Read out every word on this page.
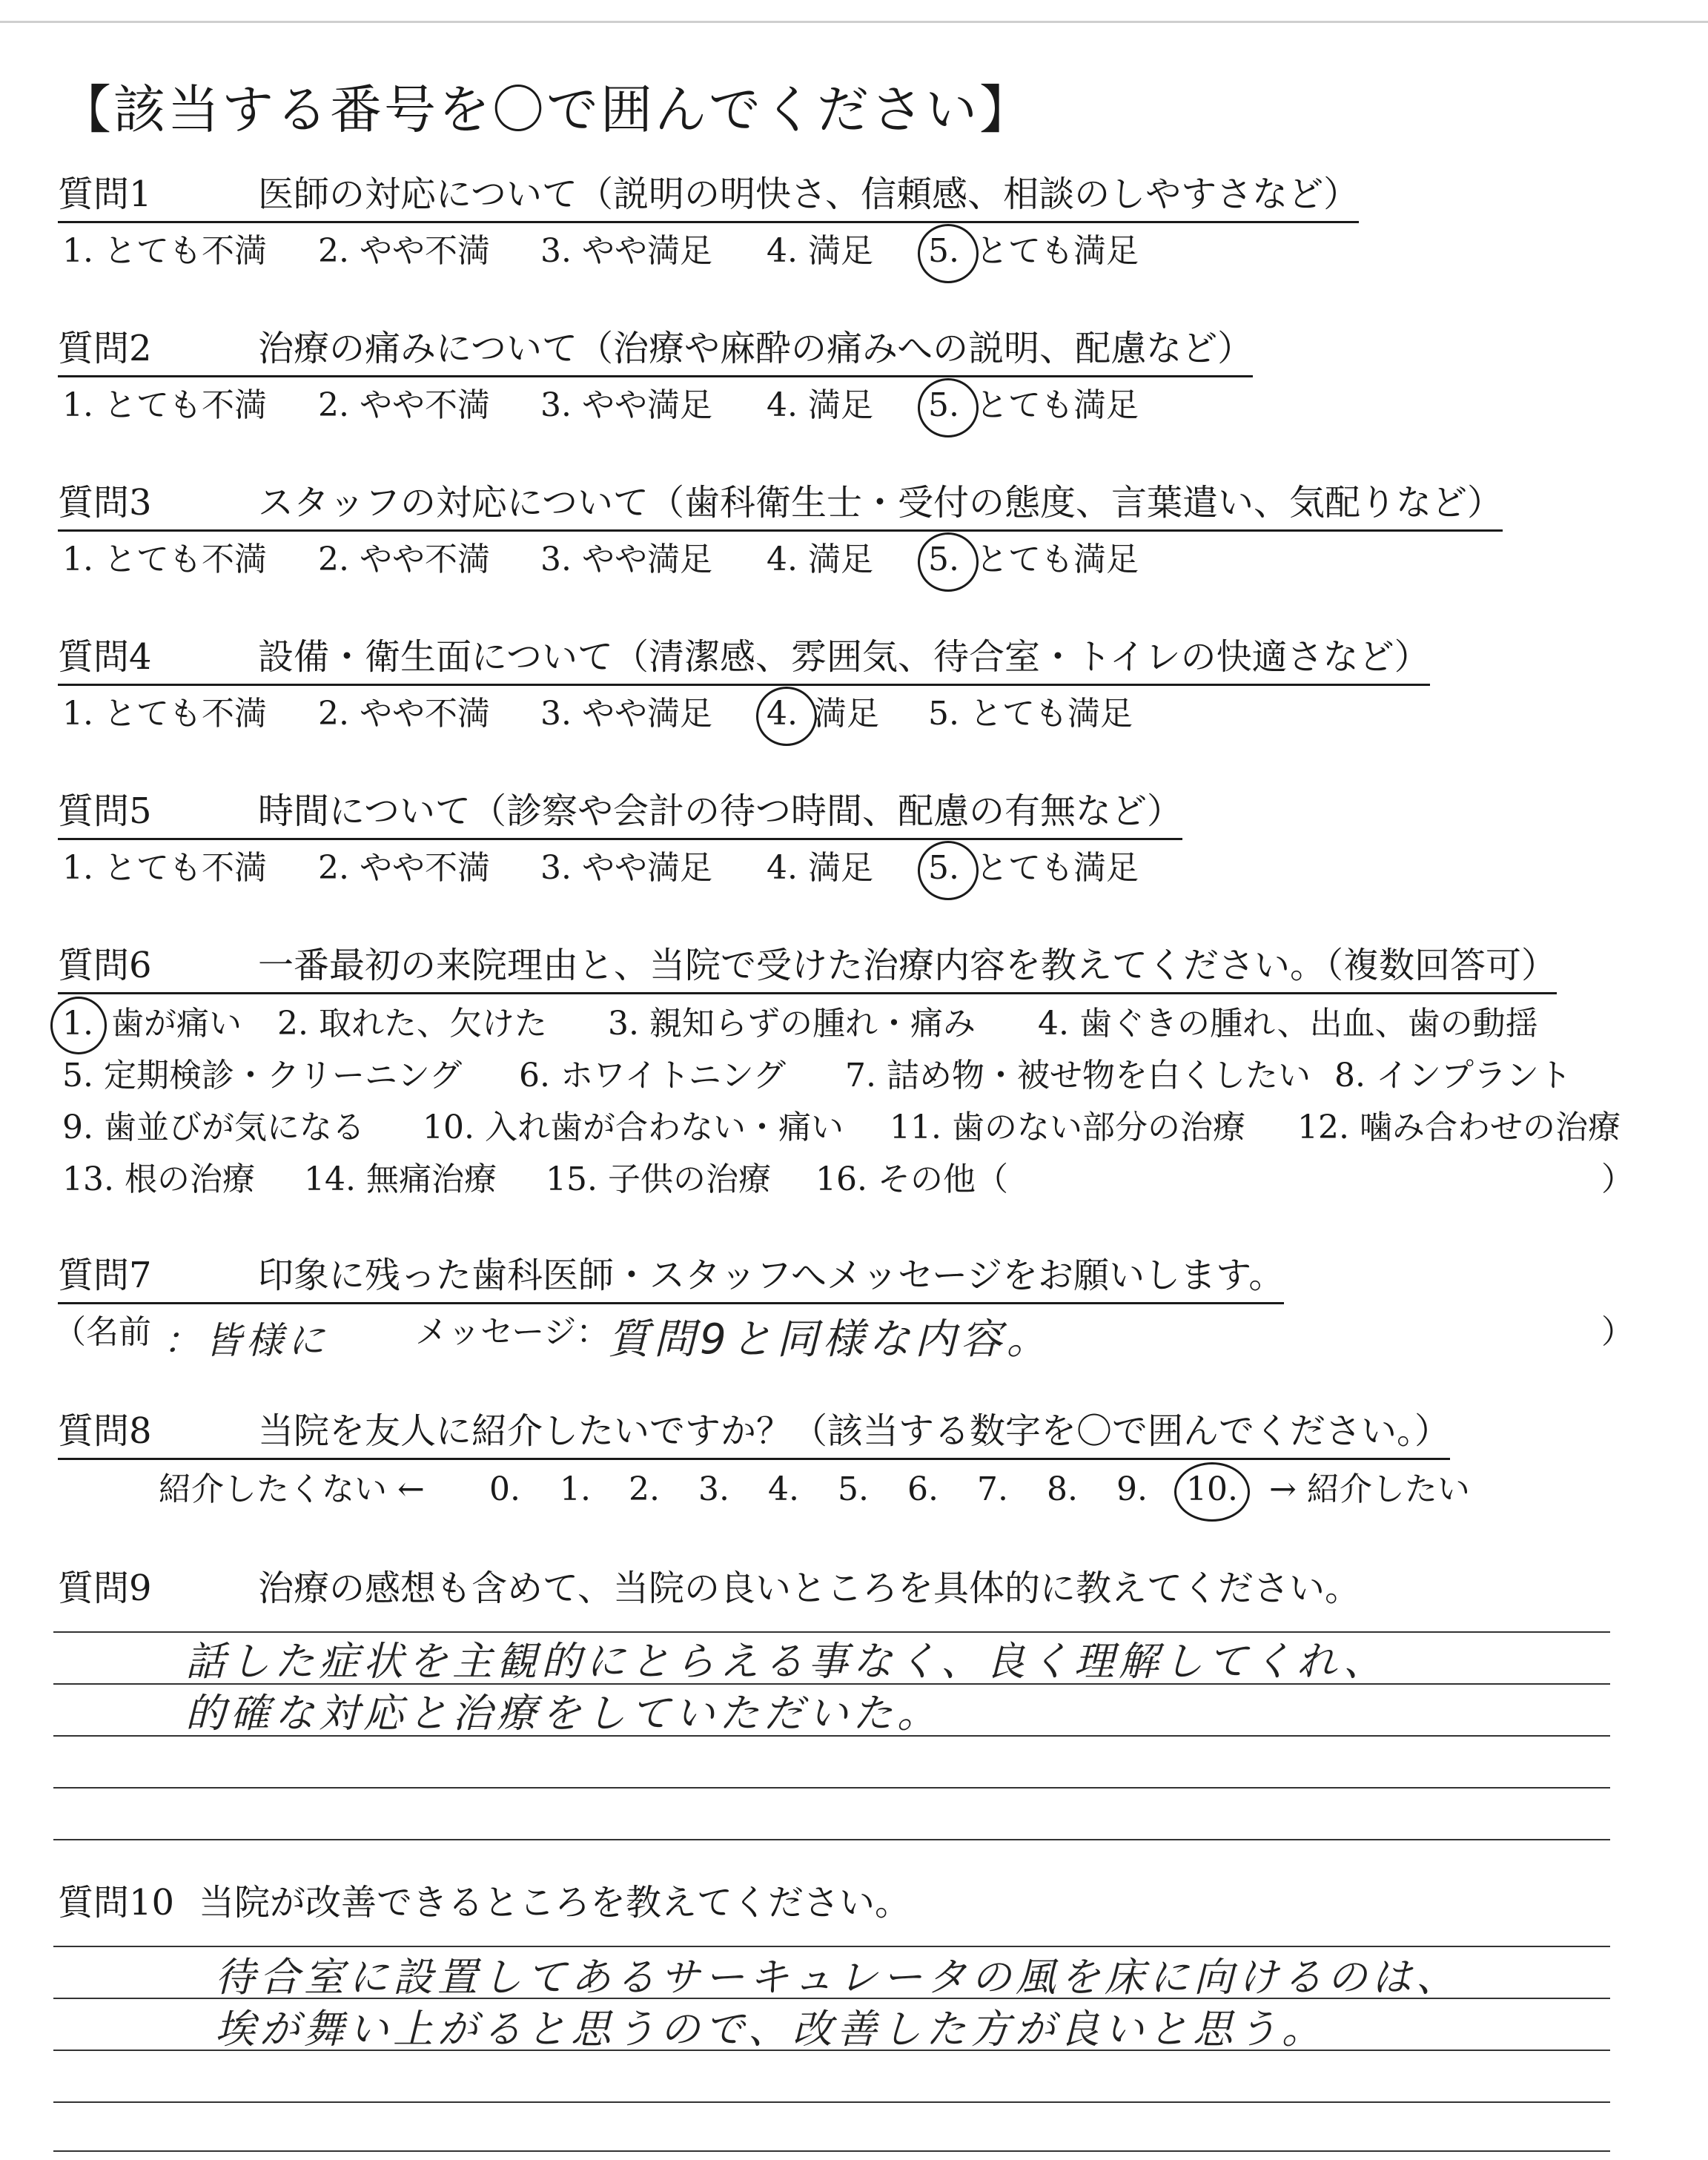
【該当する番号を〇で囲んでください】
質問1	医師の対応について（説明の明快さ、信頼感、相談のしやすさなど）
1. とても不満 2. やや不満 3. やや満足 4. 満足 5. とても満足
質問2	治療の痛みについて（治療や麻酔の痛みへの説明、配慮など）
1. とても不満 2. やや不満 3. やや満足 4. 満足 5. とても満足
質問3	スタッフの対応について（歯科衛生士・受付の態度、言葉遣い、気配りなど）
1. とても不満 2. やや不満 3. やや満足 4. 満足 5. とても満足
質問4	設備・衛生面について（清潔感、雰囲気、待合室・トイレの快適さなど）
1. とても不満 2. やや不満 3. やや満足 4. 満足 5. とても満足
質問5	時間について（診察や会計の待つ時間、配慮の有無など）
1. とても不満 2. やや不満 3. やや満足 4. 満足 5. とても満足
質問6	一番最初の来院理由と、当院で受けた治療内容を教えてください。（複数回答可）
1. 歯が痛い 2. 取れた、欠けた 3. 親知らずの腫れ・痛み 4. 歯ぐきの腫れ、出血、歯の動揺
5. 定期検診・クリーニング 6. ホワイトニング 7. 詰め物・被せ物を白くしたい 8. インプラント
9. 歯並びが気になる 10. 入れ歯が合わない・痛い 11. 歯のない部分の治療 12. 噛み合わせの治療
13. 根の治療 14. 無痛治療 15. 子供の治療 16. その他（	）
質問7	印象に残った歯科医師・スタッフへメッセージをお願いします。
（名前 ：皆様に	メッセージ：
質問9と同様な内容。	）
質問8	当院を友人に紹介したいですか？（該当する数字を〇で囲んでください。）
紹介したくない ← 0. 1. 2. 3. 4. 5. 6. 7. 8. 9. 10. → 紹介したい
質問9	治療の感想も含めて、当院の良いところを具体的に教えてください。
話した症状を主観的にとらえる事なく、良く理解してくれ、
的確な対応と治療をしていただいた。
質問10 当院が改善できるところを教えてください。
待合室に設置してあるサーキュレータの風を床に向けるのは、
埃が舞い上がると思うので、改善した方が良いと思う。
